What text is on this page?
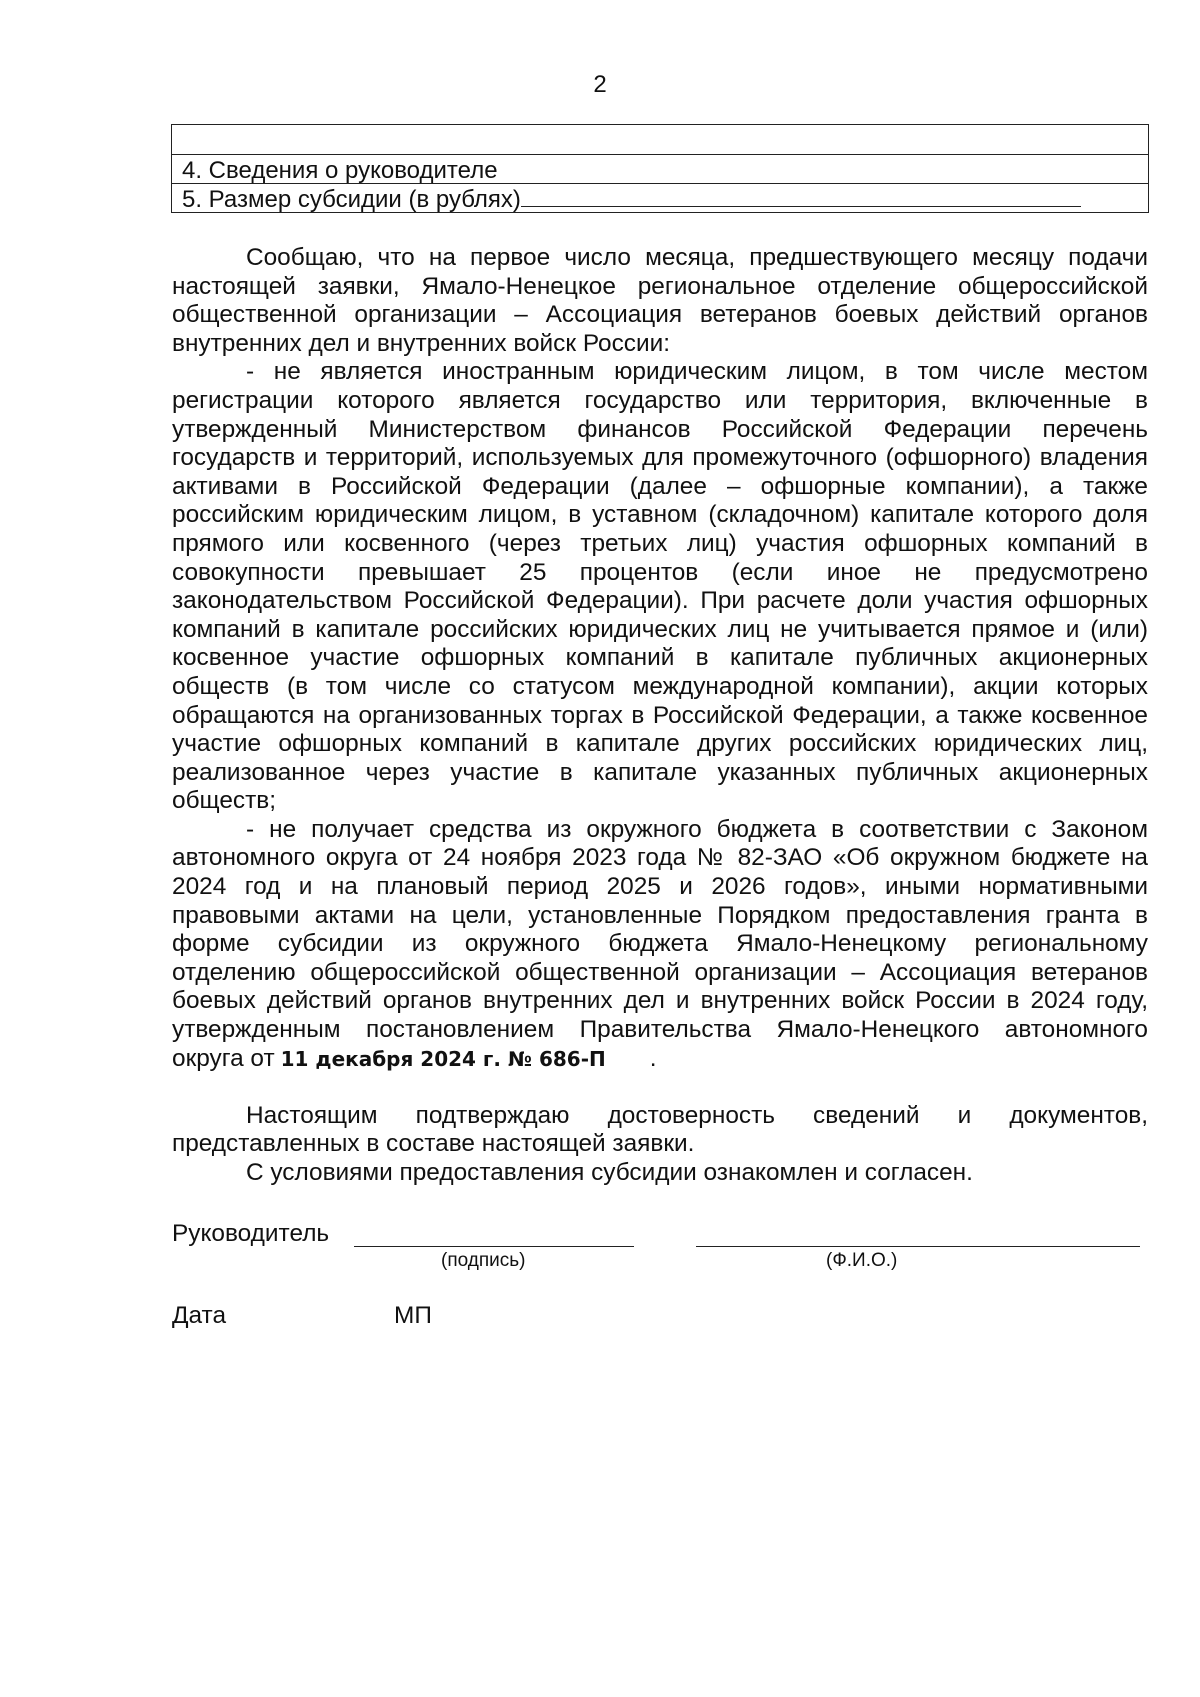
2

4. Сведения о руководителе
5. Размер субсидии (в рублях)

Сообщаю, что на первое число месяца, предшествующего месяцу подачи настоящей заявки, Ямало-Ненецкое региональное отделение общероссийской общественной организации – Ассоциация ветеранов боевых действий органов внутренних дел и внутренних войск России:

- не является иностранным юридическим лицом, в том числе местом регистрации которого является государство или территория, включенные в утвержденный Министерством финансов Российской Федерации перечень государств и территорий, используемых для промежуточного (офшорного) владения активами в Российской Федерации (далее – офшорные компании), а также российским юридическим лицом, в уставном (складочном) капитале которого доля прямого или косвенного (через третьих лиц) участия офшорных компаний в совокупности превышает 25 процентов (если иное не предусмотрено законодательством Российской Федерации). При расчете доли участия офшорных компаний в капитале российских юридических лиц не учитывается прямое и (или) косвенное участие офшорных компаний в капитале публичных акционерных обществ (в том числе со статусом международной компании), акции которых обращаются на организованных торгах в Российской Федерации, а также косвенное участие офшорных компаний в капитале других российских юридических лиц, реализованное через участие в капитале указанных публичных акционерных обществ;

- не получает средства из окружного бюджета в соответствии с Законом автономного округа от 24 ноября 2023 года № 82-ЗАО «Об окружном бюджете на 2024 год и на плановый период 2025 и 2026 годов», иными нормативными правовыми актами на цели, установленные Порядком предоставления гранта в форме субсидии из окружного бюджета Ямало-Ненецкому региональному отделению общероссийской общественной организации – Ассоциация ветеранов боевых действий органов внутренних дел и внутренних войск России в 2024 году, утвержденным постановлением Правительства Ямало-Ненецкого автономного округа от 11 декабря 2024 г. № 686-П .

Настоящим подтверждаю достоверность сведений и документов, представленных в составе настоящей заявки.

С условиями предоставления субсидии ознакомлен и согласен.

Руководитель
(подпись)	(Ф.И.О.)
Дата	МП
